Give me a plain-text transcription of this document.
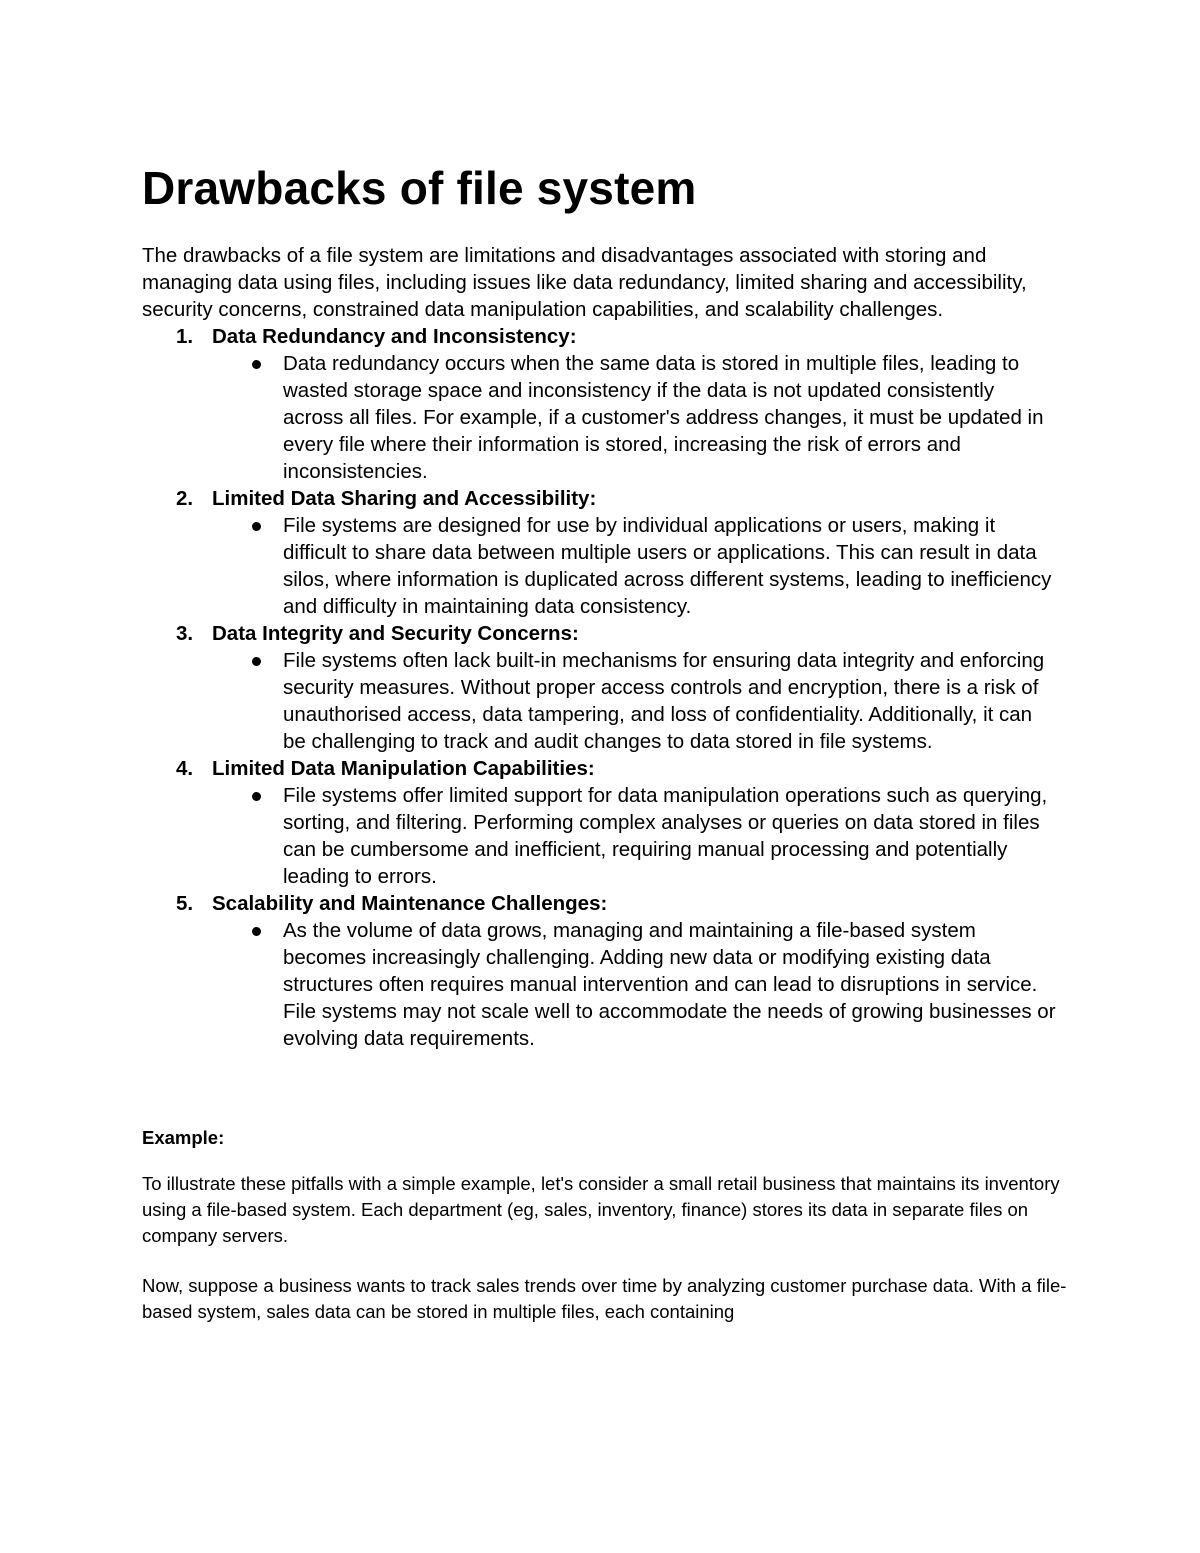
Drawbacks of file system

The drawbacks of a file system are limitations and disadvantages associated with storing and managing data using files, including issues like data redundancy, limited sharing and accessibility, security concerns, constrained data manipulation capabilities, and scalability challenges.

1. Data Redundancy and Inconsistency:
Data redundancy occurs when the same data is stored in multiple files, leading to wasted storage space and inconsistency if the data is not updated consistently across all files. For example, if a customer's address changes, it must be updated in every file where their information is stored, increasing the risk of errors and inconsistencies.
2. Limited Data Sharing and Accessibility:
File systems are designed for use by individual applications or users, making it difficult to share data between multiple users or applications. This can result in data silos, where information is duplicated across different systems, leading to inefficiency and difficulty in maintaining data consistency.
3. Data Integrity and Security Concerns:
File systems often lack built-in mechanisms for ensuring data integrity and enforcing security measures. Without proper access controls and encryption, there is a risk of unauthorised access, data tampering, and loss of confidentiality. Additionally, it can be challenging to track and audit changes to data stored in file systems.
4. Limited Data Manipulation Capabilities:
File systems offer limited support for data manipulation operations such as querying, sorting, and filtering. Performing complex analyses or queries on data stored in files can be cumbersome and inefficient, requiring manual processing and potentially leading to errors.
5. Scalability and Maintenance Challenges:
As the volume of data grows, managing and maintaining a file-based system becomes increasingly challenging. Adding new data or modifying existing data structures often requires manual intervention and can lead to disruptions in service. File systems may not scale well to accommodate the needs of growing businesses or evolving data requirements.

Example:

To illustrate these pitfalls with a simple example, let's consider a small retail business that maintains its inventory using a file-based system. Each department (eg, sales, inventory, finance) stores its data in separate files on company servers.

Now, suppose a business wants to track sales trends over time by analyzing customer purchase data. With a file-based system, sales data can be stored in multiple files, each containing
